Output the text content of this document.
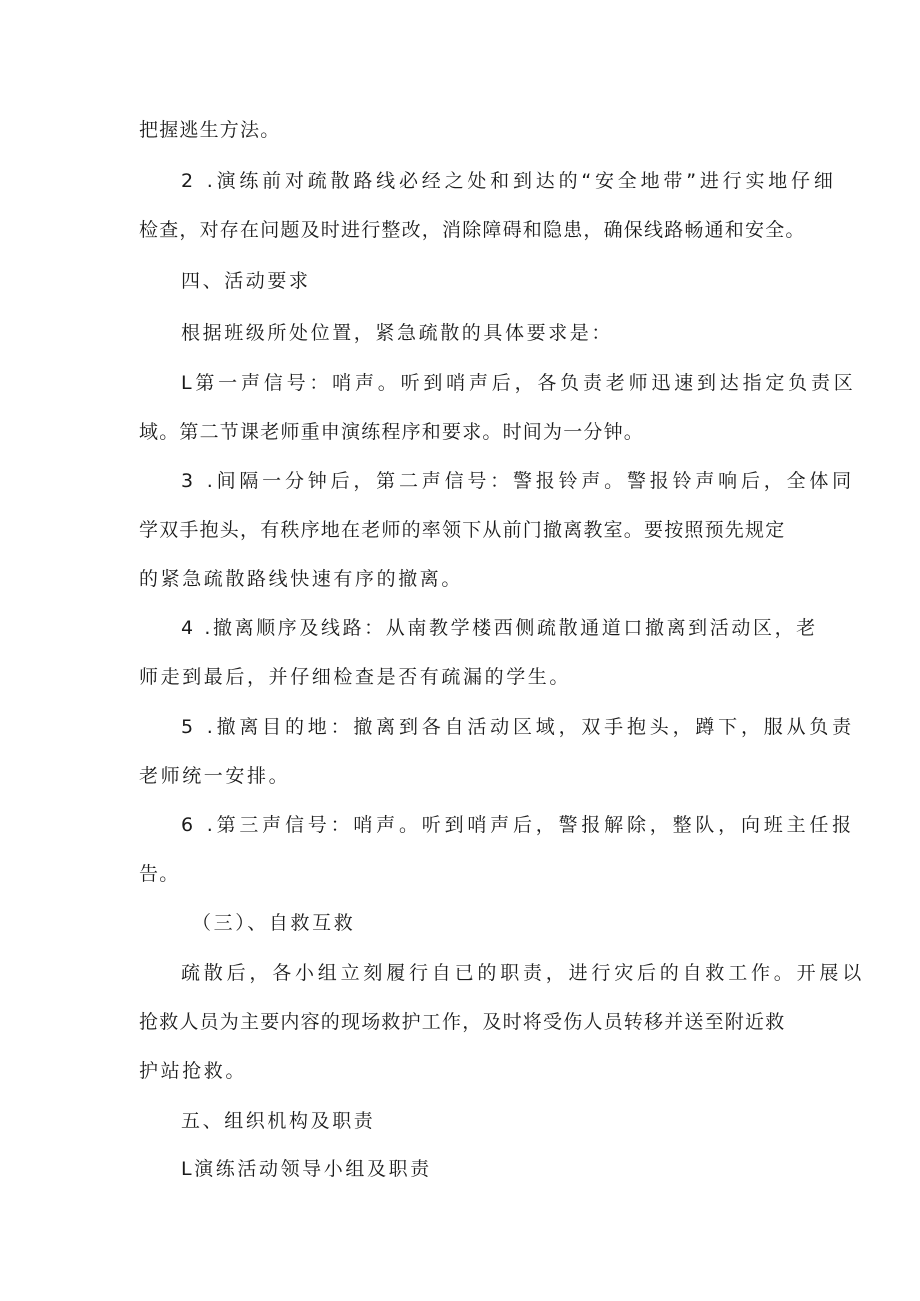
把握逃生方法。
2 .演练前对疏散路线必经之处和到达的“安全地带”进行实地仔细
检查，对存在问题及时进行整改，消除障碍和隐患，确保线路畅通和安全。
四、活动要求
根据班级所处位置，紧急疏散的具体要求是：
L第一声信号：哨声。听到哨声后，各负责老师迅速到达指定负责区
域。第二节课老师重申演练程序和要求。时间为一分钟。
3 .间隔一分钟后，第二声信号：警报铃声。警报铃声响后，全体同
学双手抱头，有秩序地在老师的率领下从前门撤离教室。要按照预先规定
的紧急疏散路线快速有序的撤离。
4 .撤离顺序及线路：从南教学楼西侧疏散通道口撤离到活动区，老
师走到最后，并仔细检查是否有疏漏的学生。
5 .撤离目的地：撤离到各自活动区域，双手抱头，蹲下，服从负责
老师统一安排。
6 .第三声信号：哨声。听到哨声后，警报解除，整队，向班主任报
告。
（三）、自救互救
疏散后，各小组立刻履行自已的职责，进行灾后的自救工作。开展以
抢救人员为主要内容的现场救护工作，及时将受伤人员转移并送至附近救
护站抢救。
五、组织机构及职责
L演练活动领导小组及职责
